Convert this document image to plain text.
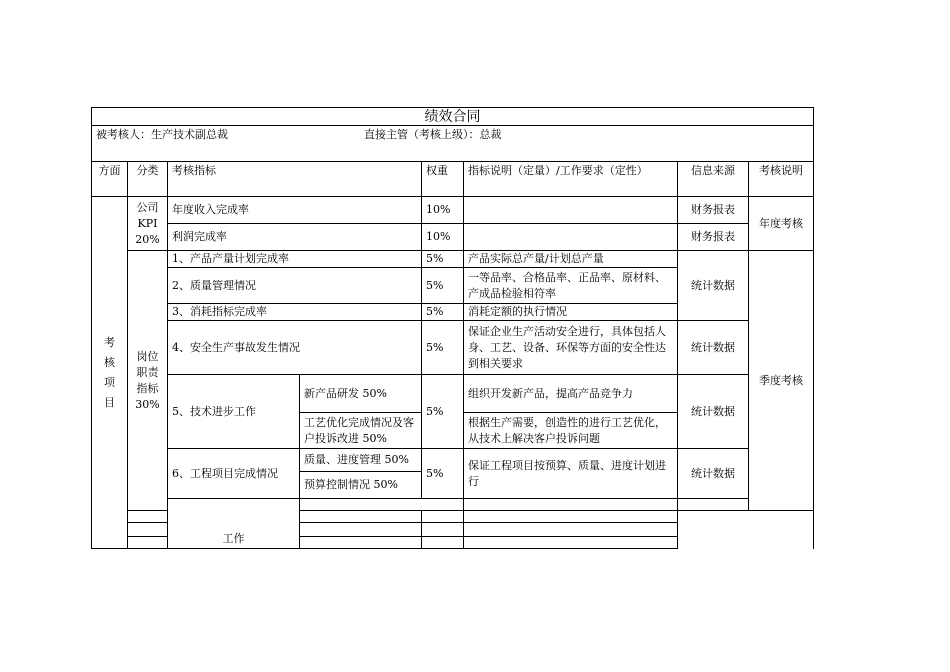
绩效合同								
被考核人：生产技术副总裁 直接主管（考核上级）：总裁								

方面	分类	考核指标		权重	指标说明（定量）/工作要求（定性）	信息来源	考核说明	
考
核
项
目	公司
KPI
20%	年度收入完成率		10%		财务报表	年度考核	
		利润完成率		10%		财务报表		
	岗位
职责
指标
30%	1、产品产量计划完成率		5%	产品实际总产量/计划总产量	统计数据	季度考核	
		2、质量管理情况		5%	一等品率、合格品率、正品率、原材料、产成品检验相符率			
		3、消耗指标完成率		5%	消耗定额的执行情况			
		4、安全生产事故发生情况		5%	保证企业生产活动安全进行，具体包括人身、工艺、设备、环保等方面的安全性达到相关要求	统计数据		
		5、技术进步工作	新产品研发 50%	5%	组织开发新产品，提高产品竞争力	统计数据		
			工艺优化完成情况及客户投诉改进 50%		根据生产需要，创造性的进行工艺优化，从技术上解决客户投诉问题			
		6、工程项目完成情况	质量、进度管理 50%	5%	保证工程项目按预算、质量、进度计划进行	统计数据		
			预算控制情况 50%					
		工作						
